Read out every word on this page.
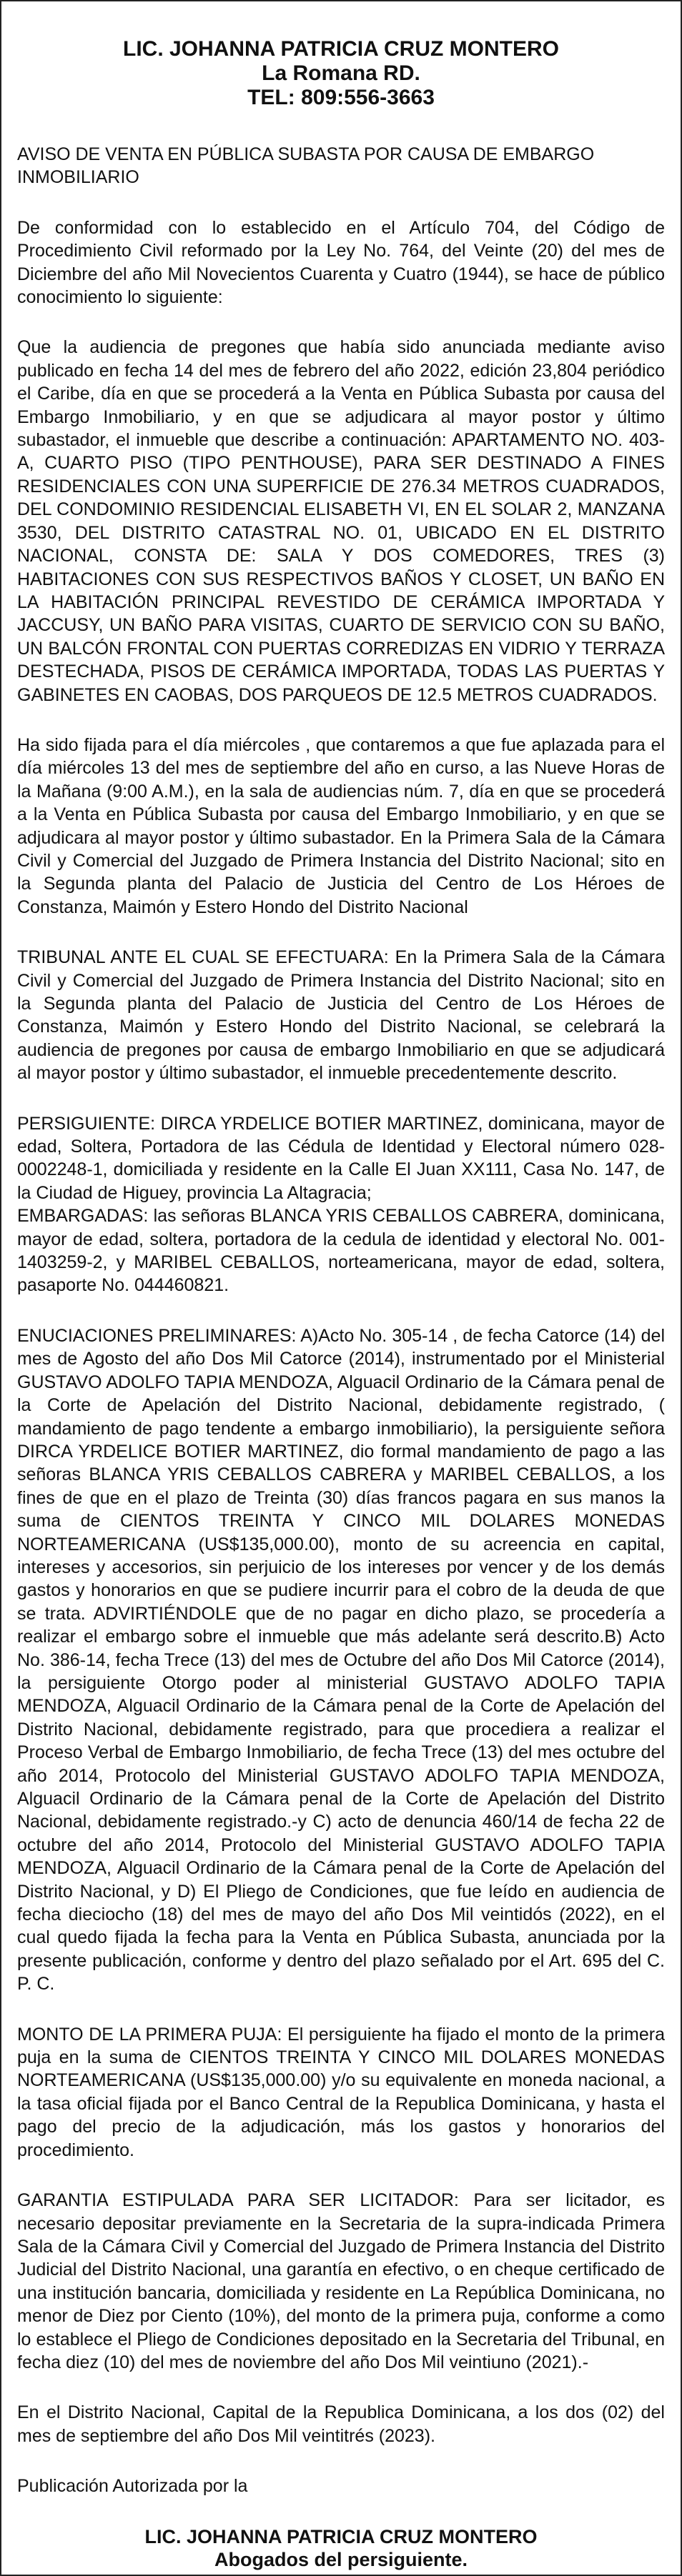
LIC. JOHANNA PATRICIA CRUZ MONTERO
La Romana RD.
TEL: 809:556-3663

AVISO DE VENTA EN PÚBLICA SUBASTA POR CAUSA DE EMBARGO INMOBILIARIO

De conformidad con lo establecido en el Artículo 704, del Código de Procedimiento Civil reformado por la Ley No. 764, del Veinte (20) del mes de Diciembre del año Mil Novecientos Cuarenta y Cuatro (1944), se hace de público conocimiento lo siguiente:

Que la audiencia de pregones que había sido anunciada mediante aviso publicado en fecha 14 del mes de febrero del año 2022, edición 23,804 periódico el Caribe, día en que se procederá a la Venta en Pública Subasta por causa del Embargo Inmobiliario, y en que se adjudicara al mayor postor y último subastador, el inmueble que describe a continuación: APARTAMENTO NO. 403-A, CUARTO PISO (TIPO PENTHOUSE), PARA SER DESTINADO A FINES RESIDENCIALES CON UNA SUPERFICIE DE 276.34 METROS CUADRADOS, DEL CONDOMINIO RESIDENCIAL ELISABETH VI, EN EL SOLAR 2, MANZANA 3530, DEL DISTRITO CATASTRAL NO. 01, UBICADO EN EL DISTRITO NACIONAL, CONSTA DE: SALA Y DOS COMEDORES, TRES (3) HABITACIONES CON SUS RESPECTIVOS BAÑOS Y CLOSET, UN BAÑO EN LA HABITACIÓN PRINCIPAL REVESTIDO DE CERÁMICA IMPORTADA Y JACCUSY, UN BAÑO PARA VISITAS, CUARTO DE SERVICIO CON SU BAÑO, UN BALCÓN FRONTAL CON PUERTAS CORREDIZAS EN VIDRIO Y TERRAZA DESTECHADA, PISOS DE CERÁMICA IMPORTADA, TODAS LAS PUERTAS Y GABINETES EN CAOBAS, DOS PARQUEOS DE 12.5 METROS CUADRADOS.

Ha sido fijada para el día miércoles , que contaremos a que fue aplazada para el día miércoles 13 del mes de septiembre del año en curso, a las Nueve Horas de la Mañana (9:00 A.M.), en la sala de audiencias núm. 7, día en que se procederá a la Venta en Pública Subasta por causa del Embargo Inmobiliario, y en que se adjudicara al mayor postor y último subastador. En la Primera Sala de la Cámara Civil y Comercial del Juzgado de Primera Instancia del Distrito Nacional; sito en la Segunda planta del Palacio de Justicia del Centro de Los Héroes de Constanza, Maimón y Estero Hondo del Distrito Nacional

TRIBUNAL ANTE EL CUAL SE EFECTUARA: En la Primera Sala de la Cámara Civil y Comercial del Juzgado de Primera Instancia del Distrito Nacional; sito en la Segunda planta del Palacio de Justicia del Centro de Los Héroes de Constanza, Maimón y Estero Hondo del Distrito Nacional, se celebrará la audiencia de pregones por causa de embargo Inmobiliario en que se adjudicará al mayor postor y último subastador, el inmueble precedentemente descrito.

PERSIGUIENTE: DIRCA YRDELICE BOTIER MARTINEZ, dominicana, mayor de edad, Soltera, Portadora de las Cédula de Identidad y Electoral número 028-0002248-1, domiciliada y residente en la Calle El Juan XX111, Casa No. 147, de la Ciudad de Higuey, provincia La Altagracia;
EMBARGADAS: las señoras BLANCA YRIS CEBALLOS CABRERA, dominicana, mayor de edad, soltera, portadora de la cedula de identidad y electoral No. 001-1403259-2, y MARIBEL CEBALLOS, norteamericana, mayor de edad, soltera, pasaporte No. 044460821.

ENUCIACIONES PRELIMINARES: A)Acto No. 305-14 , de fecha Catorce (14) del mes de Agosto del año Dos Mil Catorce (2014), instrumentado por el Ministerial GUSTAVO ADOLFO TAPIA MENDOZA, Alguacil Ordinario de la Cámara penal de la Corte de Apelación del Distrito Nacional, debidamente registrado, ( mandamiento de pago tendente a embargo inmobiliario), la persiguiente señora DIRCA YRDELICE BOTIER MARTINEZ, dio formal mandamiento de pago a las señoras BLANCA YRIS CEBALLOS CABRERA y MARIBEL CEBALLOS, a los fines de que en el plazo de Treinta (30) días francos pagara en sus manos la suma de CIENTOS TREINTA Y CINCO MIL DOLARES MONEDAS NORTEAMERICANA (US$135,000.00), monto de su acreencia en capital, intereses y accesorios, sin perjuicio de los intereses por vencer y de los demás gastos y honorarios en que se pudiere incurrir para el cobro de la deuda de que se trata. ADVIRTIÉNDOLE que de no pagar en dicho plazo, se procedería a realizar el embargo sobre el inmueble que más adelante será descrito.B) Acto No. 386-14, fecha Trece (13) del mes de Octubre del año Dos Mil Catorce (2014), la persiguiente Otorgo poder al ministerial GUSTAVO ADOLFO TAPIA MENDOZA, Alguacil Ordinario de la Cámara penal de la Corte de Apelación del Distrito Nacional, debidamente registrado, para que procediera a realizar el Proceso Verbal de Embargo Inmobiliario, de fecha Trece (13) del mes octubre del año 2014, Protocolo del Ministerial GUSTAVO ADOLFO TAPIA MENDOZA, Alguacil Ordinario de la Cámara penal de la Corte de Apelación del Distrito Nacional, debidamente registrado.-y C) acto de denuncia 460/14 de fecha 22 de octubre del año 2014, Protocolo del Ministerial GUSTAVO ADOLFO TAPIA MENDOZA, Alguacil Ordinario de la Cámara penal de la Corte de Apelación del Distrito Nacional, y D) El Pliego de Condiciones, que fue leído en audiencia de fecha dieciocho (18) del mes de mayo del año Dos Mil veintidós (2022), en el cual quedo fijada la fecha para la Venta en Pública Subasta, anunciada por la presente publicación, conforme y dentro del plazo señalado por el Art. 695 del C. P. C.

MONTO DE LA PRIMERA PUJA: El persiguiente ha fijado el monto de la primera puja en la suma de CIENTOS TREINTA Y CINCO MIL DOLARES MONEDAS NORTEAMERICANA (US$135,000.00) y/o su equivalente en moneda nacional, a la tasa oficial fijada por el Banco Central de la Republica Dominicana, y hasta el pago del precio de la adjudicación, más los gastos y honorarios del procedimiento.

GARANTIA ESTIPULADA PARA SER LICITADOR: Para ser licitador, es necesario depositar previamente en la Secretaria de la supra-indicada Primera Sala de la Cámara Civil y Comercial del Juzgado de Primera Instancia del Distrito Judicial del Distrito Nacional, una garantía en efectivo, o en cheque certificado de una institución bancaria, domiciliada y residente en La República Dominicana, no menor de Diez por Ciento (10%), del monto de la primera puja, conforme a como lo establece el Pliego de Condiciones depositado en la Secretaria del Tribunal, en fecha diez (10) del mes de noviembre del año Dos Mil veintiuno (2021).-

En el Distrito Nacional, Capital de la Republica Dominicana, a los dos (02) del mes de septiembre del año Dos Mil veintitrés (2023).

Publicación Autorizada por la

LIC. JOHANNA PATRICIA CRUZ MONTERO
Abogados del persiguiente.
